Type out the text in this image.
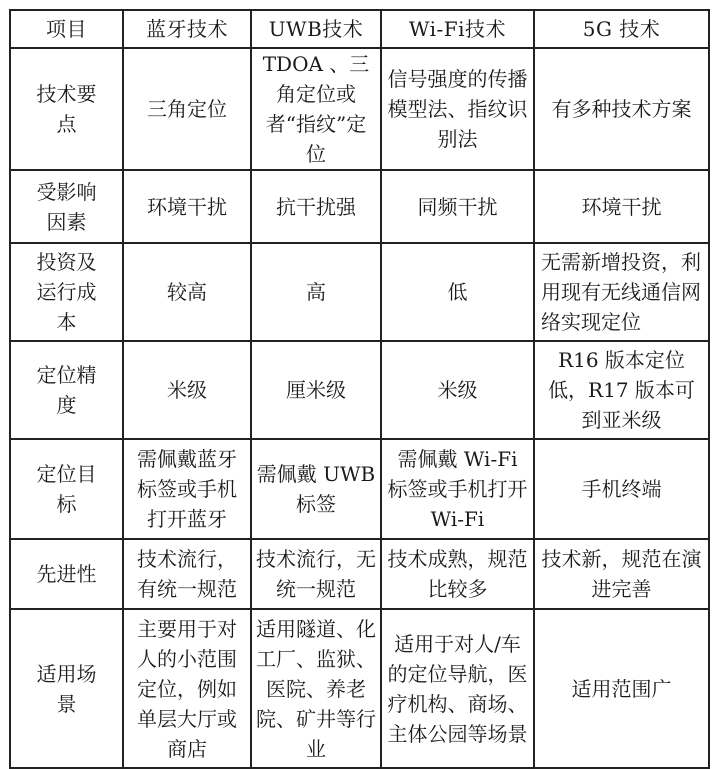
项目	蓝牙技术	UWB技术	Wi-Fi技术	5G 技术
技术要点	三角定位	TDOA 、三角定位或者“指纹”定位	信号强度的传播模型法、指纹识别法	有多种技术方案
受影响因素	环境干扰	抗干扰强	同频干扰	环境干扰
投资及运行成本	较高	高	低	无需新增投资，利用现有无线通信网络实现定位
定位精度	米级	厘米级	米级	R16 版本定位低，R17 版本可到亚米级
定位目标	需佩戴蓝牙标签或手机打开蓝牙	需佩戴 UWB 标签	需佩戴 Wi-Fi 标签或手机打开 Wi-Fi	手机终端
先进性	技术流行，有统一规范	技术流行，无统一规范	技术成熟，规范比较多	技术新，规范在演进完善
适用场景	主要用于对人的小范围定位，例如单层大厅或商店	适用隧道、化工厂、监狱、医院、养老院、矿井等行业	适用于对人/车的定位导航，医疗机构、商场、主体公园等场景	适用范围广
